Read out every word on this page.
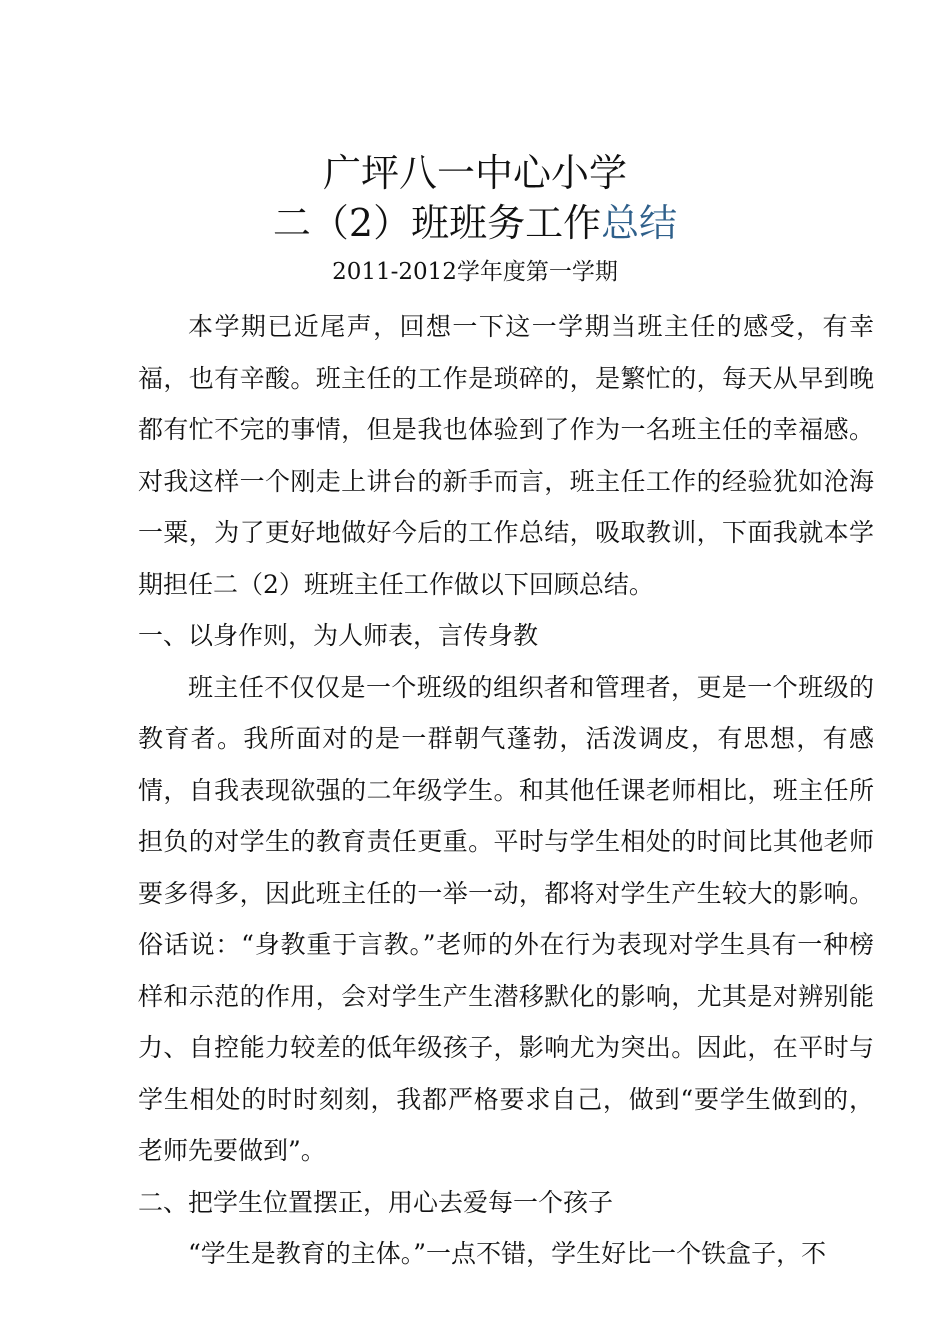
广坪八一中心小学
二（2）班班务工作总结
2011-2012学年度第一学期

本学期已近尾声，回想一下这一学期当班主任的感受，有幸福，也有辛酸。班主任的工作是琐碎的，是繁忙的，每天从早到晚都有忙不完的事情，但是我也体验到了作为一名班主任的幸福感。对我这样一个刚走上讲台的新手而言，班主任工作的经验犹如沧海一粟，为了更好地做好今后的工作总结，吸取教训，下面我就本学期担任二（2）班班主任工作做以下回顾总结。

一、以身作则，为人师表，言传身教

班主任不仅仅是一个班级的组织者和管理者，更是一个班级的教育者。我所面对的是一群朝气蓬勃，活泼调皮，有思想，有感情，自我表现欲强的二年级学生。和其他任课老师相比，班主任所担负的对学生的教育责任更重。平时与学生相处的时间比其他老师要多得多，因此班主任的一举一动，都将对学生产生较大的影响。俗话说：“身教重于言教。”老师的外在行为表现对学生具有一种榜样和示范的作用，会对学生产生潜移默化的影响，尤其是对辨别能力、自控能力较差的低年级孩子，影响尤为突出。因此，在平时与学生相处的时时刻刻，我都严格要求自己，做到“要学生做到的，老师先要做到”。

二、把学生位置摆正，用心去爱每一个孩子

“学生是教育的主体。”一点不错，学生好比一个铁盒子，不
